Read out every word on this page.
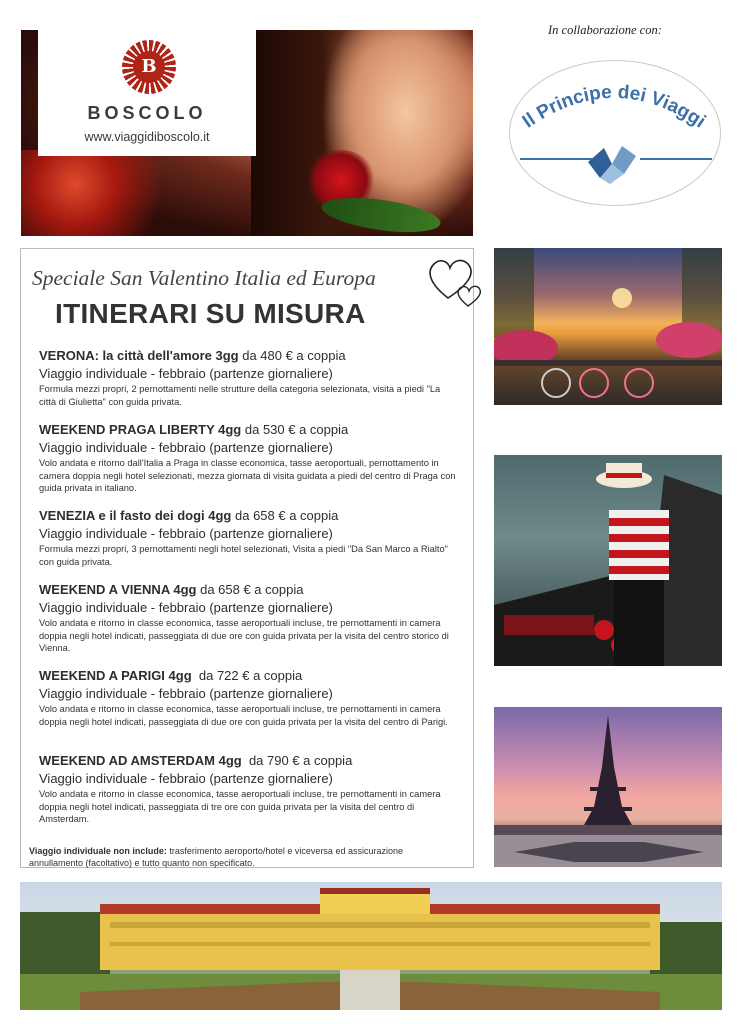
B
BOSCOLO
www.viaggidiboscolo.it
In collaborazione con:
Il Principe dei Viaggi
Speciale San Valentino Italia ed Europa
ITINERARI SU MISURA
VERONA: la città dell'amore 3gg da 480 € a coppia
Viaggio individuale - febbraio (partenze giornaliere)
Formula mezzi propri, 2 pernottamenti nelle strutture della categoria selezionata, visita a piedi "La città di Giulietta" con guida privata.
WEEKEND PRAGA LIBERTY 4gg da 530 € a coppia
Viaggio individuale - febbraio (partenze giornaliere)
Volo andata e ritorno dall'Italia a Praga in classe economica, tasse aeroportuali, pernottamento in camera doppia negli hotel selezionati, mezza giornata di visita guidata a piedi del centro di Praga con guida privata in italiano.
VENEZIA e il fasto dei dogi 4gg da 658 € a coppia
Viaggio individuale - febbraio (partenze giornaliere)
Formula mezzi propri, 3 pernottamenti negli hotel selezionati, Visita a piedi "Da San Marco a Rialto" con guida privata.
WEEKEND A VIENNA 4gg da 658 € a coppia
Viaggio individuale - febbraio (partenze giornaliere)
Volo andata e ritorno in classe economica, tasse aeroportuali incluse, tre pernottamenti in camera doppia negli hotel indicati, passeggiata di due ore con guida privata per la visita del centro storico di Vienna.
WEEKEND A PARIGI 4gg da 722 € a coppia
Viaggio individuale - febbraio (partenze giornaliere)
Volo andata e ritorno in classe economica, tasse aeroportuali incluse, tre pernottamenti in camera doppia negli hotel indicati, passeggiata di due ore con guida privata per la visita del centro di Parigi.
WEEKEND AD AMSTERDAM 4gg da 790 € a coppia
Viaggio individuale - febbraio (partenze giornaliere)
Volo andata e ritorno in classe economica, tasse aeroportuali incluse, tre pernottamenti in camera doppia negli hotel indicati, passeggiata di tre ore con guida privata per la visita del centro di Amsterdam.
Viaggio individuale non include: trasferimento aeroporto/hotel e viceversa ed assicurazione annullamento (facoltativo) e tutto quanto non specificato.
